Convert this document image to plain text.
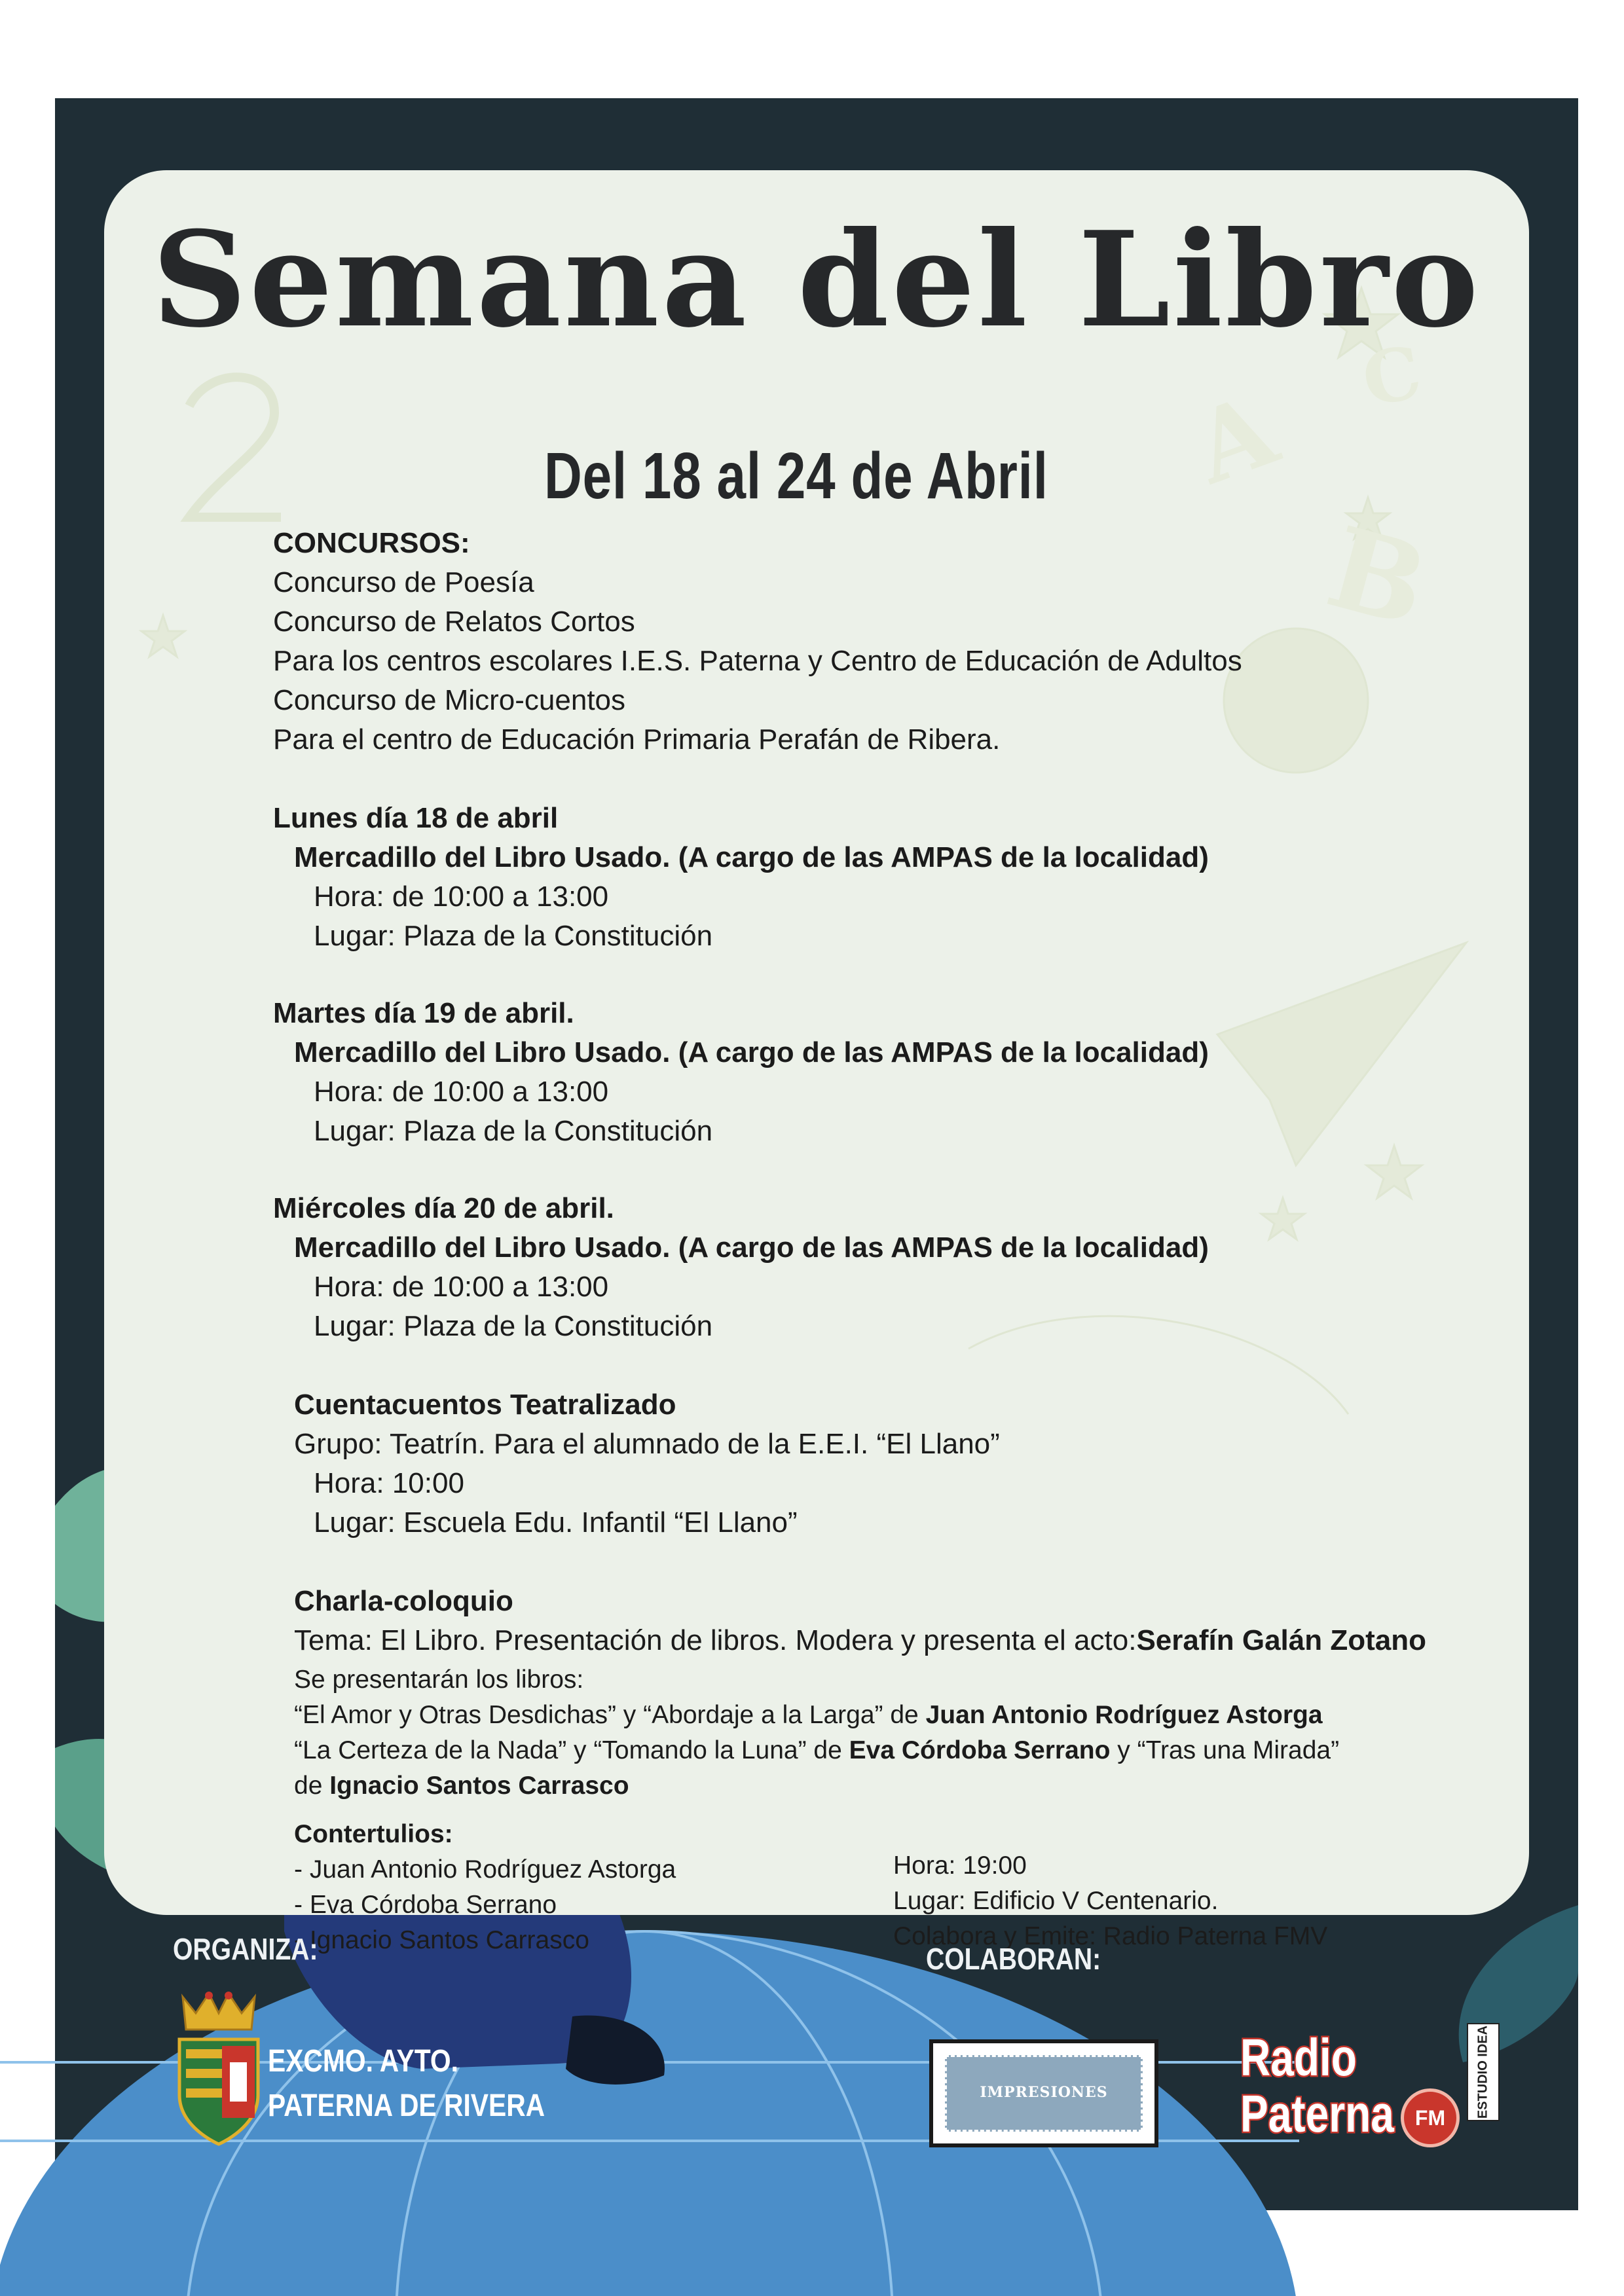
A
B
C
Semana del Libro
Del 18 al 24 de Abril
CONCURSOS:
Concurso de Poesía
Concurso de Relatos Cortos
Para los centros escolares I.E.S. Paterna y Centro de Educación de Adultos
Concurso de Micro-cuentos
Para el centro de Educación Primaria Perafán de Ribera.
Lunes día 18 de abril
Mercadillo del Libro Usado. (A cargo de las AMPAS de la localidad)
Hora: de 10:00 a 13:00
Lugar: Plaza de la Constitución
Martes día 19 de abril.
Mercadillo del Libro Usado. (A cargo de las AMPAS de la localidad)
Hora: de 10:00 a 13:00
Lugar: Plaza de la Constitución
Miércoles día 20 de abril.
Mercadillo del Libro Usado. (A cargo de las AMPAS de la localidad)
Hora: de 10:00 a 13:00
Lugar: Plaza de la Constitución
Cuentacuentos Teatralizado
Grupo: Teatrín. Para el alumnado de la E.E.I. “El Llano”
Hora: 10:00
Lugar: Escuela Edu. Infantil “El Llano”
Charla-coloquio
Tema: El Libro. Presentación de libros. Modera y presenta el acto:Serafín Galán Zotano
Se presentarán los libros:
“El Amor y Otras Desdichas” y “Abordaje a la Larga” de Juan Antonio Rodríguez Astorga
“La Certeza de la Nada” y “Tomando la Luna” de Eva Córdoba Serrano y “Tras una Mirada”
de Ignacio Santos Carrasco
Contertulios:
- Juan Antonio Rodríguez Astorga
- Eva Córdoba Serrano
- Ignacio Santos Carrasco
Hora: 19:00
Lugar: Edificio V Centenario.
Colabora y Emite: Radio Paterna FMV
ORGANIZA:	COLABORAN:
EXCMO. AYTO.
PATERNA DE RIVERA	IMPRESIONES
Radio
Paterna	FM	ESTUDIO IDEA
